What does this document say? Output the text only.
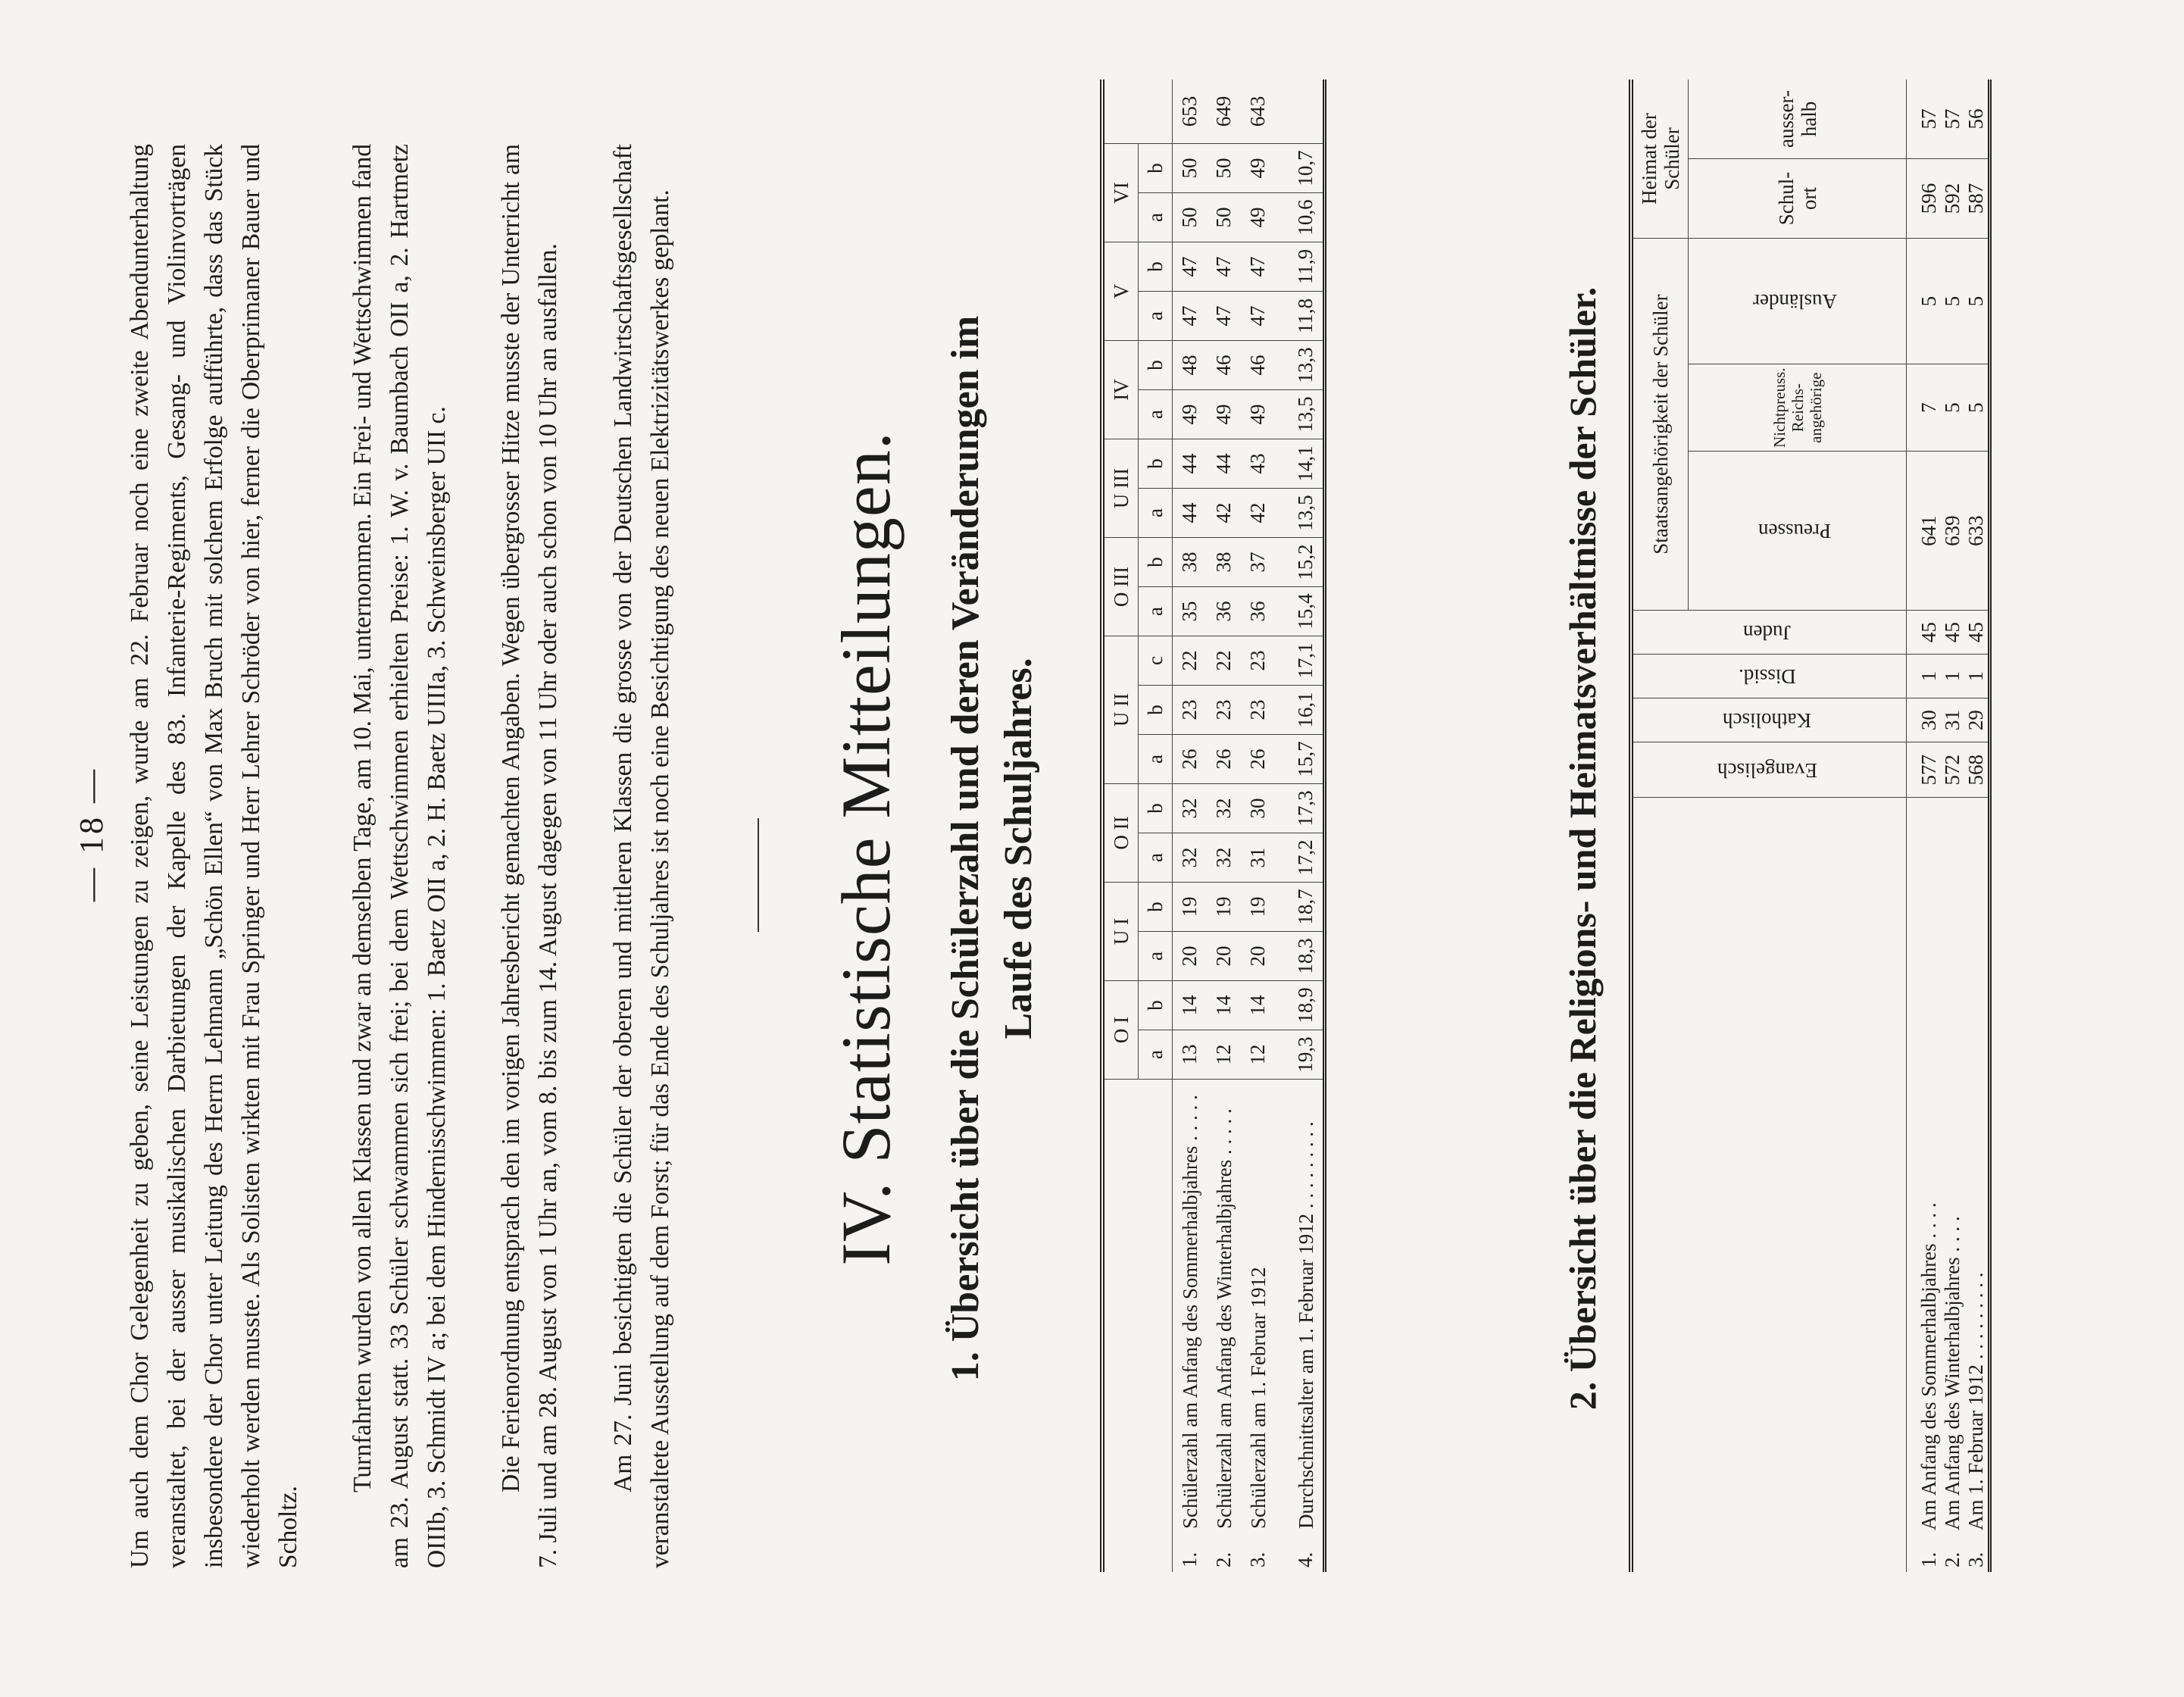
— 18 — Um auch dem Chor Gelegenheit zu geben, seine Leistungen zu zeigen, wurde am 22. Februar noch eine zweite Abendunterhaltung veranstaltet, bei der ausser musikalischen Darbietungen der Kapelle des 83. Infanterie-Regiments, Gesang- und Violinvorträgen insbesondere der Chor unter Leitung des Herrn Lehmann „Schön Ellen“ von Max Bruch mit solchem Erfolge aufführte, dass das Stück wiederholt werden musste. Als Solisten wirkten mit Frau Springer und Herr Lehrer Schröder von hier, ferner die Oberprimaner Bauer und Scholtz.

Turnfahrten wurden von allen Klassen und zwar an demselben Tage, am 10. Mai, unternommen. Ein Frei- und Wettschwimmen fand am 23. August statt. 33 Schüler schwammen sich frei; bei dem Wettschwimmen erhielten Preise: 1. W. v. Baumbach OII a, 2. Hartmetz OIIIb, 3. Schmidt IV a; bei dem Hindernisschwimmen: 1. Baetz OII a, 2. H. Baetz UIIIa, 3. Schweinsberger UII c. Die Ferienordnung entsprach den im vorigen Jahresbericht gemachten Angaben. Wegen übergrosser Hitze musste der Unterricht am 7. Juli und am 28. August von 1 Uhr an, vom 8. bis zum 14. August dagegen von 11 Uhr oder auch schon von 10 Uhr an ausfallen. Am 27. Juni besichtigten die Schüler der oberen und mittleren Klassen die grosse von der Deutschen Landwirtschaftsgesellschaft veranstaltete Ausstellung auf dem Forst; für das Ende des Schuljahres ist noch eine Besichtigung des neuen Elektrizitätswerkes geplant. IV. Statistische Mitteilungen. 1. Übersicht über die Schülerzahl und deren Veränderungen im Laufe des Schuljahres.
		O I		U I		O II		U II			O III		U III		IV		V		VI		
		a	b	a	b	a	b	a	b	c	a	b	a	b	a	b	a	b	a	b	
1.	Schülerzahl am Anfang des Sommerhalbjahres . . . . .	13	14	20	19	32	32	26	23	22	35	38	44	44	49	48	47	47	50	50	653
2.	Schülerzahl am Anfang des Winterhalbjahres . . . . .	12	14	20	19	32	32	26	23	22	36	38	42	44	49	46	47	47	50	50	649
3.	Schülerzahl am 1. Februar 1912	12	14	20	19	31	30	26	23	23	36	37	42	43	49	46	47	47	49	49	643
4.	Durchschnittsalter am 1. Februar 1912 . . . . . . . . .	19,3	18,9	18,3	18,7	17,2	17,3	15,7	16,1	17,1	15,4	15,2	13,5	14,1	13,5	13,3	11,8	11,9	10,6	10,7	
2. Übersicht über die Religions- und Heimatsverhältnisse der Schüler.
		Evangelisch	Katholisch	Dissid.	Juden	Staatsangehörigkeit der Schüler			Heimat der Schüler	
						Preussen	Nichtpreuss. Reichs- angehörige	Ausländer	Schul- ort	ausser- halb
1.	Am Anfang des Sommerhalbjahres . . . .	577	30	1	45	641	7	5	596	57
2.	Am Anfang des Winterhalbjahres . . . .	572	31	1	45	639	5	5	592	57
3.	Am 1. Februar 1912 . . . . . . . . .	568	29	1	45	633	5	5	587	56
